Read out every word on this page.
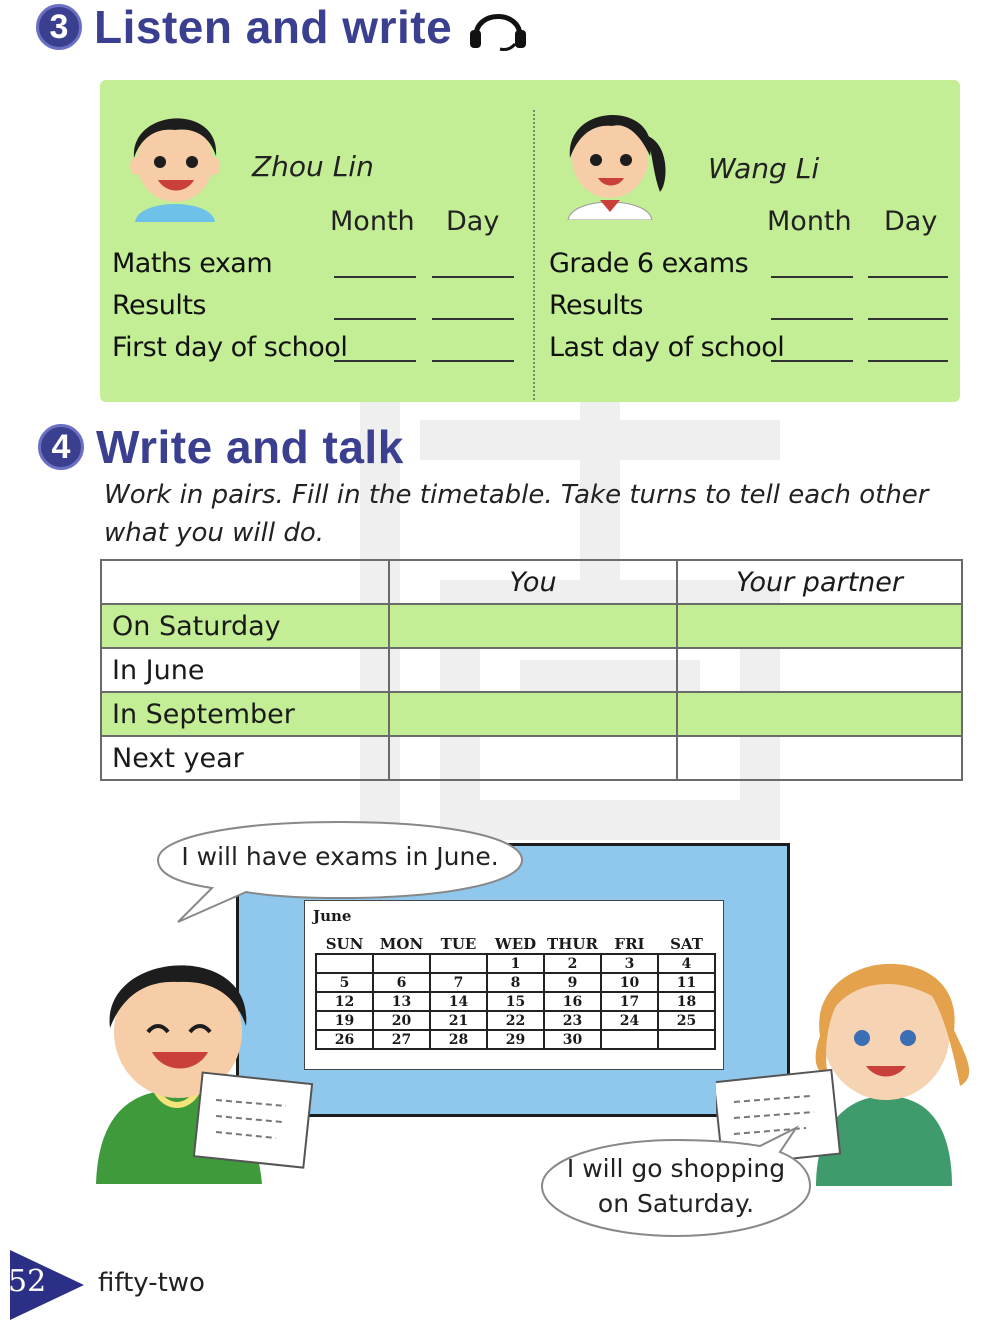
3 Listen and write
Zhou Lin
Month Day
Maths exam
Results
First day of school
Wang Li
Month Day
Grade 6 exams
Results
Last day of school
4 Write and talk
Work in pairs. Fill in the timetable. Take turns to tell each other
what you will do.
	You	Your partner
On Saturday		
In June		
In September		
Next year		
June
SUN	MON	TUE	WED	THUR	FRI	SAT
			1	2	3	4
5	6	7	8	9	10	11
12	13	14	15	16	17	18
19	20	21	22	23	24	25
26	27	28	29	30		
I will have exams in June.
I will go shopping
on Saturday.
52 fifty-two
